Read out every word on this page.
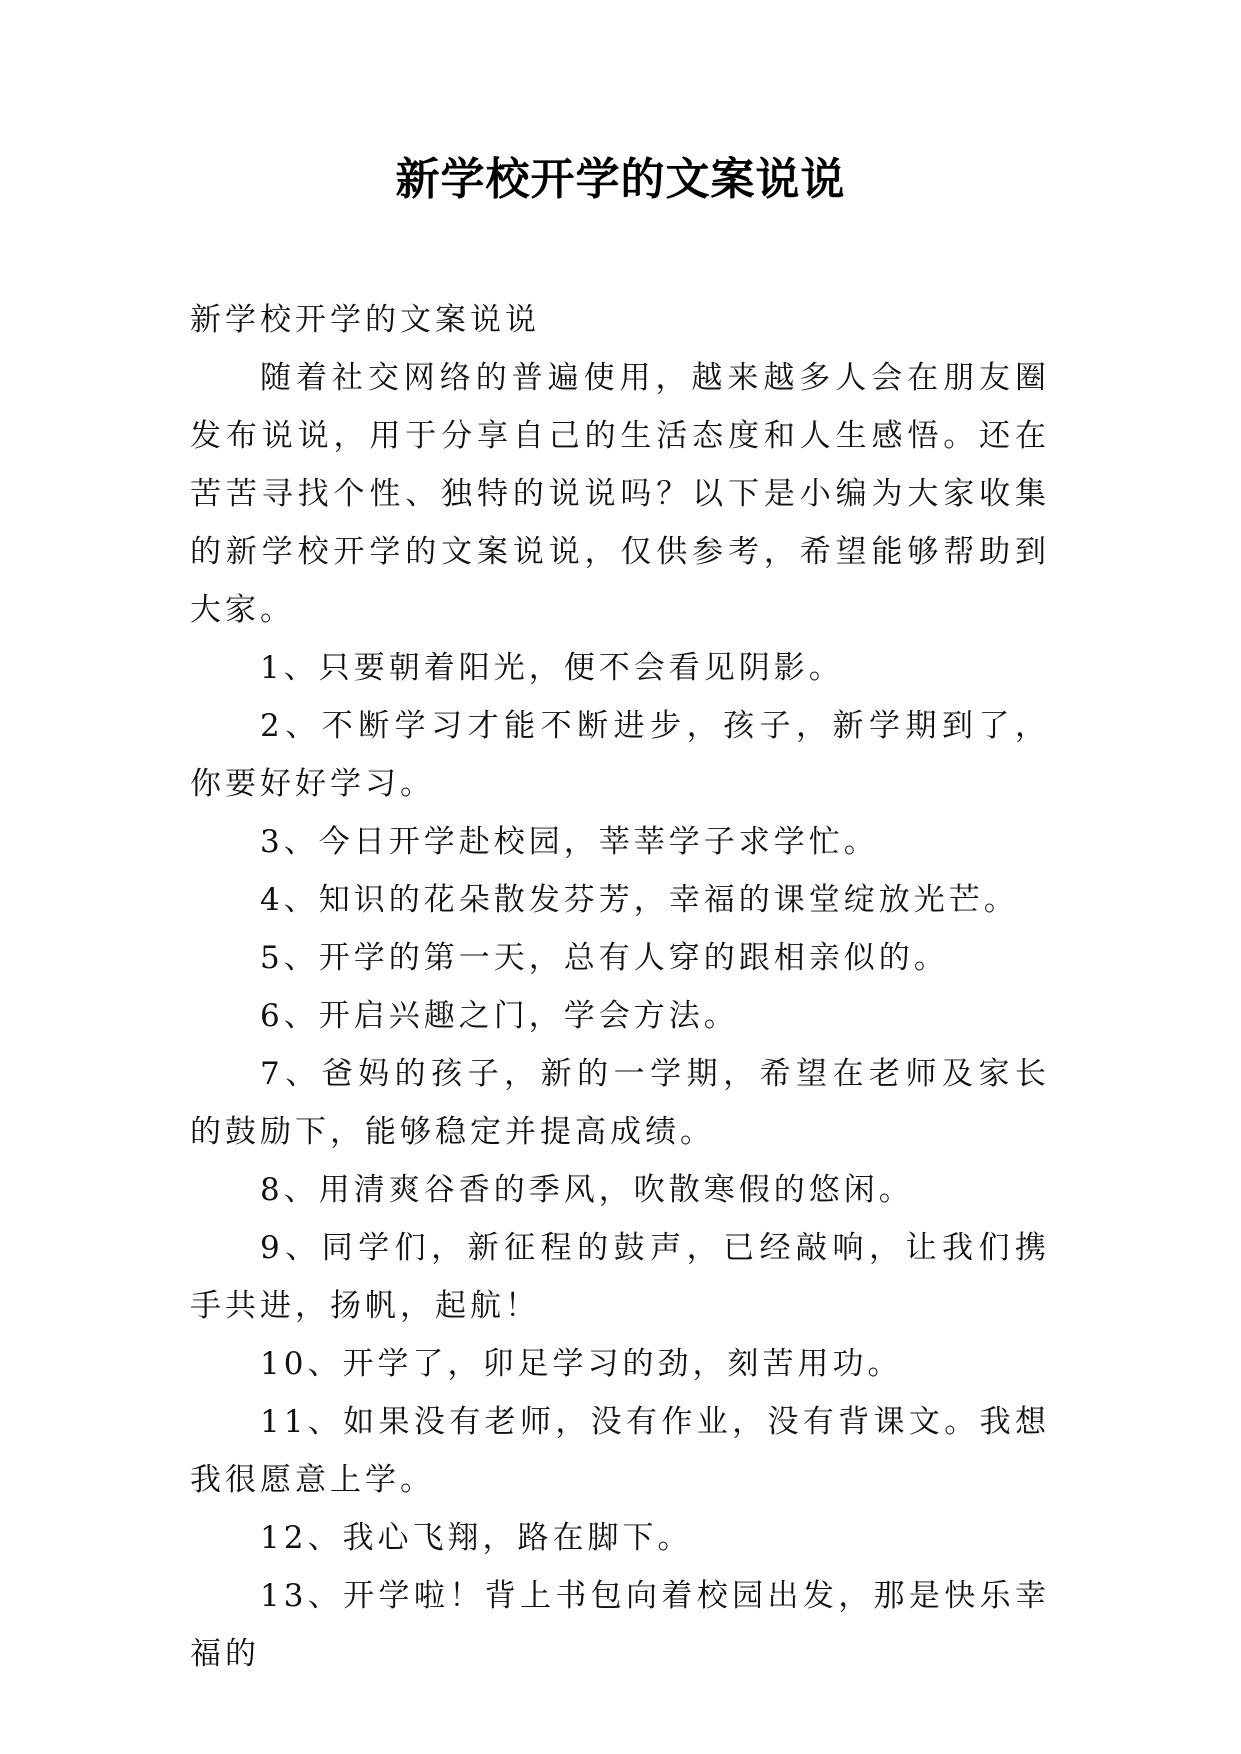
新学校开学的文案说说

新学校开学的文案说说

随着社交网络的普遍使用，越来越多人会在朋友圈发布说说，用于分享自己的生活态度和人生感悟。还在苦苦寻找个性、独特的说说吗？以下是小编为大家收集的新学校开学的文案说说，仅供参考，希望能够帮助到大家。

1、只要朝着阳光，便不会看见阴影。

2、不断学习才能不断进步，孩子，新学期到了，你要好好学习。

3、今日开学赴校园，莘莘学子求学忙。

4、知识的花朵散发芬芳，幸福的课堂绽放光芒。

5、开学的第一天，总有人穿的跟相亲似的。

6、开启兴趣之门，学会方法。

7、爸妈的孩子，新的一学期，希望在老师及家长的鼓励下，能够稳定并提高成绩。

8、用清爽谷香的季风，吹散寒假的悠闲。

9、同学们，新征程的鼓声，已经敲响，让我们携手共进，扬帆，起航！

10、开学了，卯足学习的劲，刻苦用功。

11、如果没有老师，没有作业，没有背课文。我想我很愿意上学。

12、我心飞翔，路在脚下。

13、开学啦！背上书包向着校园出发，那是快乐幸福的
